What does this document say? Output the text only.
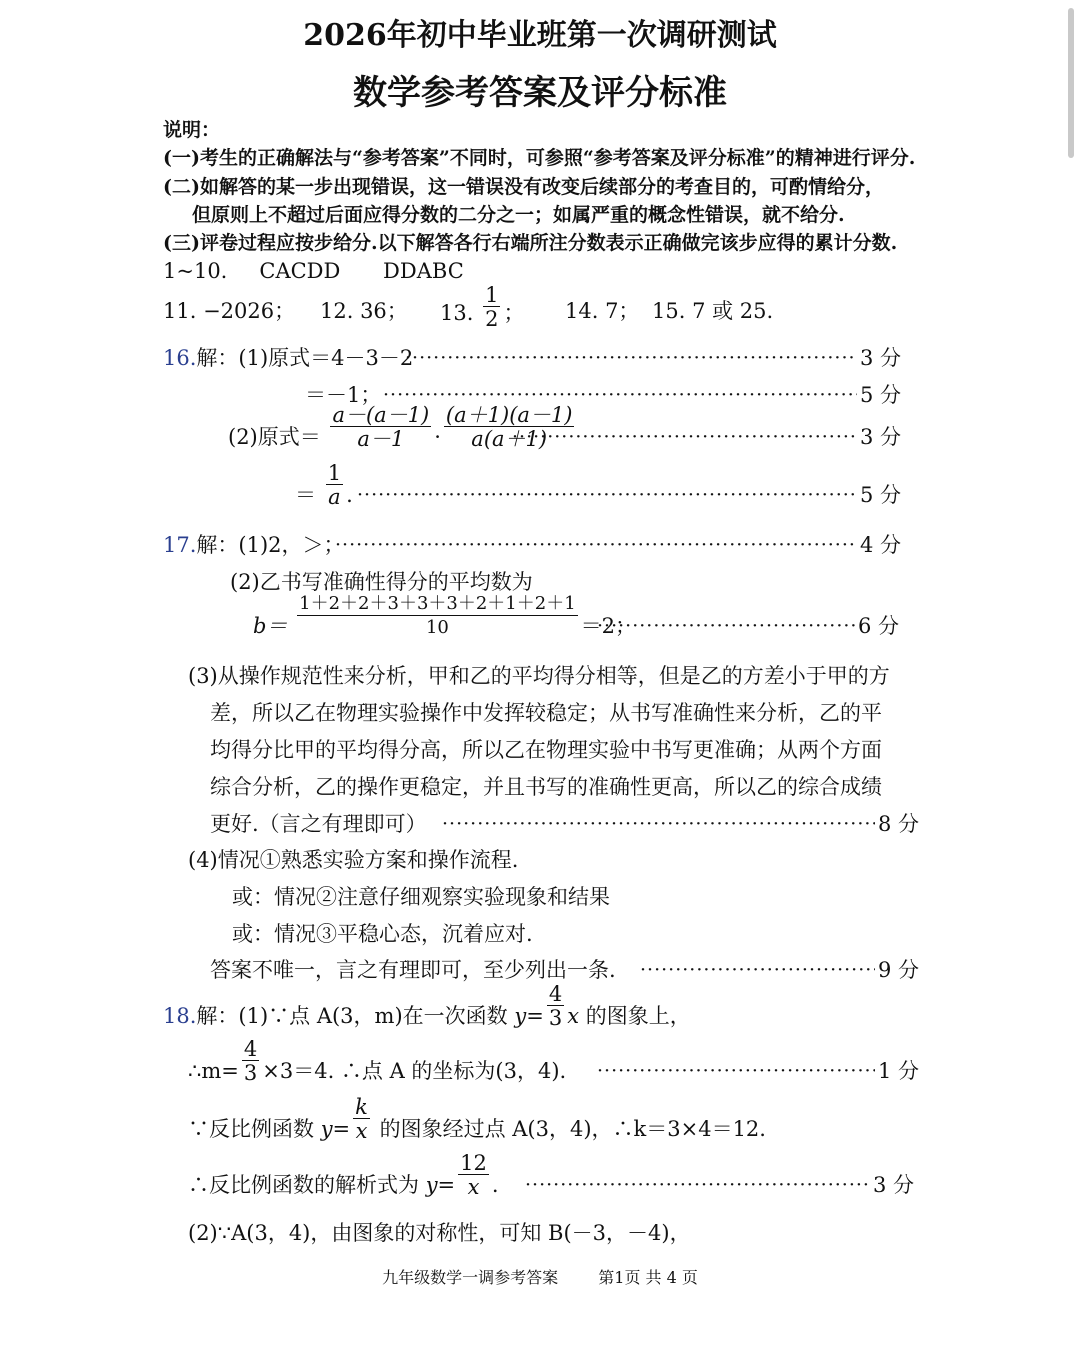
2026年初中毕业班第一次调研测试
数学参考答案及评分标准
说明：
(一)考生的正确解法与“参考答案”不同时，可参照“参考答案及评分标准”的精神进行评分.
(二)如解答的某一步出现错误，这一错误没有改变后续部分的考查目的，可酌情给分，
但原则上不超过后面应得分数的二分之一；如属严重的概念性错误，就不给分.
(三)评卷过程应按步给分.以下解答各行右端所注分数表示正确做完该步应得的累计分数.
1~10.   CACDD    DDABC
11. −2026； 12. 36； 13. $\frac{1}{2}$ ； 14. 7； 15. 7 或 25.
16.解：(1)原式＝4－3－2 ·····	3 分
＝－1； ·····	5 分
(2)原式＝ $\frac{a-(a-1)}{a-1} \cdot \frac{(a+1)(a-1)}{a(a+1)}$ ·····	3 分
＝ $\frac{1}{a}$ . ·····	5 分
17.解：(1)2，＞； ·····	4 分
(2)乙书写准确性得分的平均数为
$b= \frac{1+2+2+3+3+3+2+1+2+1}{10} =2$； ·····	6 分
(3)从操作规范性来分析，甲和乙的平均得分相等，但是乙的方差小于甲的方
差，所以乙在物理实验操作中发挥较稳定；从书写准确性来分析，乙的平
均得分比甲的平均得分高，所以乙在物理实验中书写更准确；从两个方面
综合分析，乙的操作更稳定，并且书写的准确性更高，所以乙的综合成绩
更好.（言之有理即可） ·····	8 分
(4)情况①熟悉实验方案和操作流程.
或：情况②注意仔细观察实验现象和结果
或：情况③平稳心态，沉着应对.
答案不唯一，言之有理即可，至少列出一条. ·····	9 分
18.解：(1)∵点 A(3，m)在一次函数 $y= \frac{4}{3}$ x 的图象上，
∴m= $\frac{4}{3} \times 3=4$. ∴点 A 的坐标为(3，4). ·····	1 分
∵反比例函数 $y= \frac{k}{x}$ 的图象经过点 A(3，4)，∴k＝3×4＝12.
∴反比例函数的解析式为 $y= \frac{12}{x}$ . ·····	3 分
(2)∵A(3，4)，由图象的对称性，可知 B(－3，－4)，
九年级数学一调参考答案	第1页 共 4 页
